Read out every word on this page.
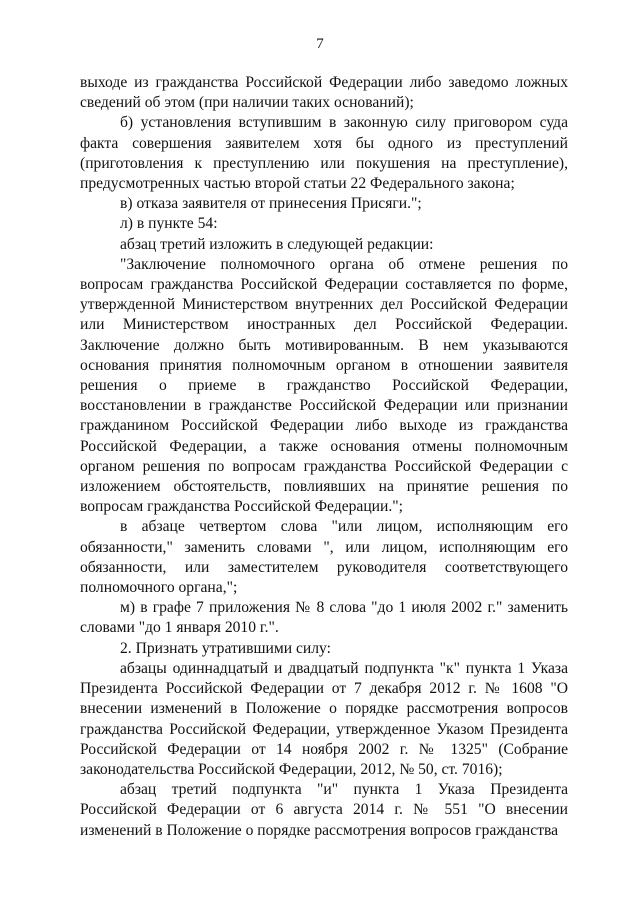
7

выходе из гражданства Российской Федерации либо заведомо ложных сведений об этом (при наличии таких оснований);

б) установления вступившим в законную силу приговором суда факта совершения заявителем хотя бы одного из преступлений (приготовления к преступлению или покушения на преступление), предусмотренных частью второй статьи 22 Федерального закона;

в) отказа заявителя от принесения Присяги.";

л) в пункте 54:

абзац третий изложить в следующей редакции:

"Заключение полномочного органа об отмене решения по вопросам гражданства Российской Федерации составляется по форме, утвержденной Министерством внутренних дел Российской Федерации или Министерством иностранных дел Российской Федерации. Заключение должно быть мотивированным. В нем указываются основания принятия полномочным органом в отношении заявителя решения о приеме в гражданство Российской Федерации, восстановлении в гражданстве Российской Федерации или признании гражданином Российской Федерации либо выходе из гражданства Российской Федерации, а также основания отмены полномочным органом решения по вопросам гражданства Российской Федерации с изложением обстоятельств, повлиявших на принятие решения по вопросам гражданства Российской Федерации.";

в абзаце четвертом слова "или лицом, исполняющим его обязанности," заменить словами ", или лицом, исполняющим его обязанности, или заместителем руководителя соответствующего полномочного органа,";

м) в графе 7 приложения № 8 слова "до 1 июля 2002 г." заменить словами "до 1 января 2010 г.".

2. Признать утратившими силу:

абзацы одиннадцатый и двадцатый подпункта "к" пункта 1 Указа Президента Российской Федерации от 7 декабря 2012 г. № 1608 "О внесении изменений в Положение о порядке рассмотрения вопросов гражданства Российской Федерации, утвержденное Указом Президента Российской Федерации от 14 ноября 2002 г. № 1325" (Собрание законодательства Российской Федерации, 2012, № 50, ст. 7016);

абзац третий подпункта "и" пункта 1 Указа Президента Российской Федерации от 6 августа 2014 г. № 551 "О внесении изменений в Положение о порядке рассмотрения вопросов гражданства
